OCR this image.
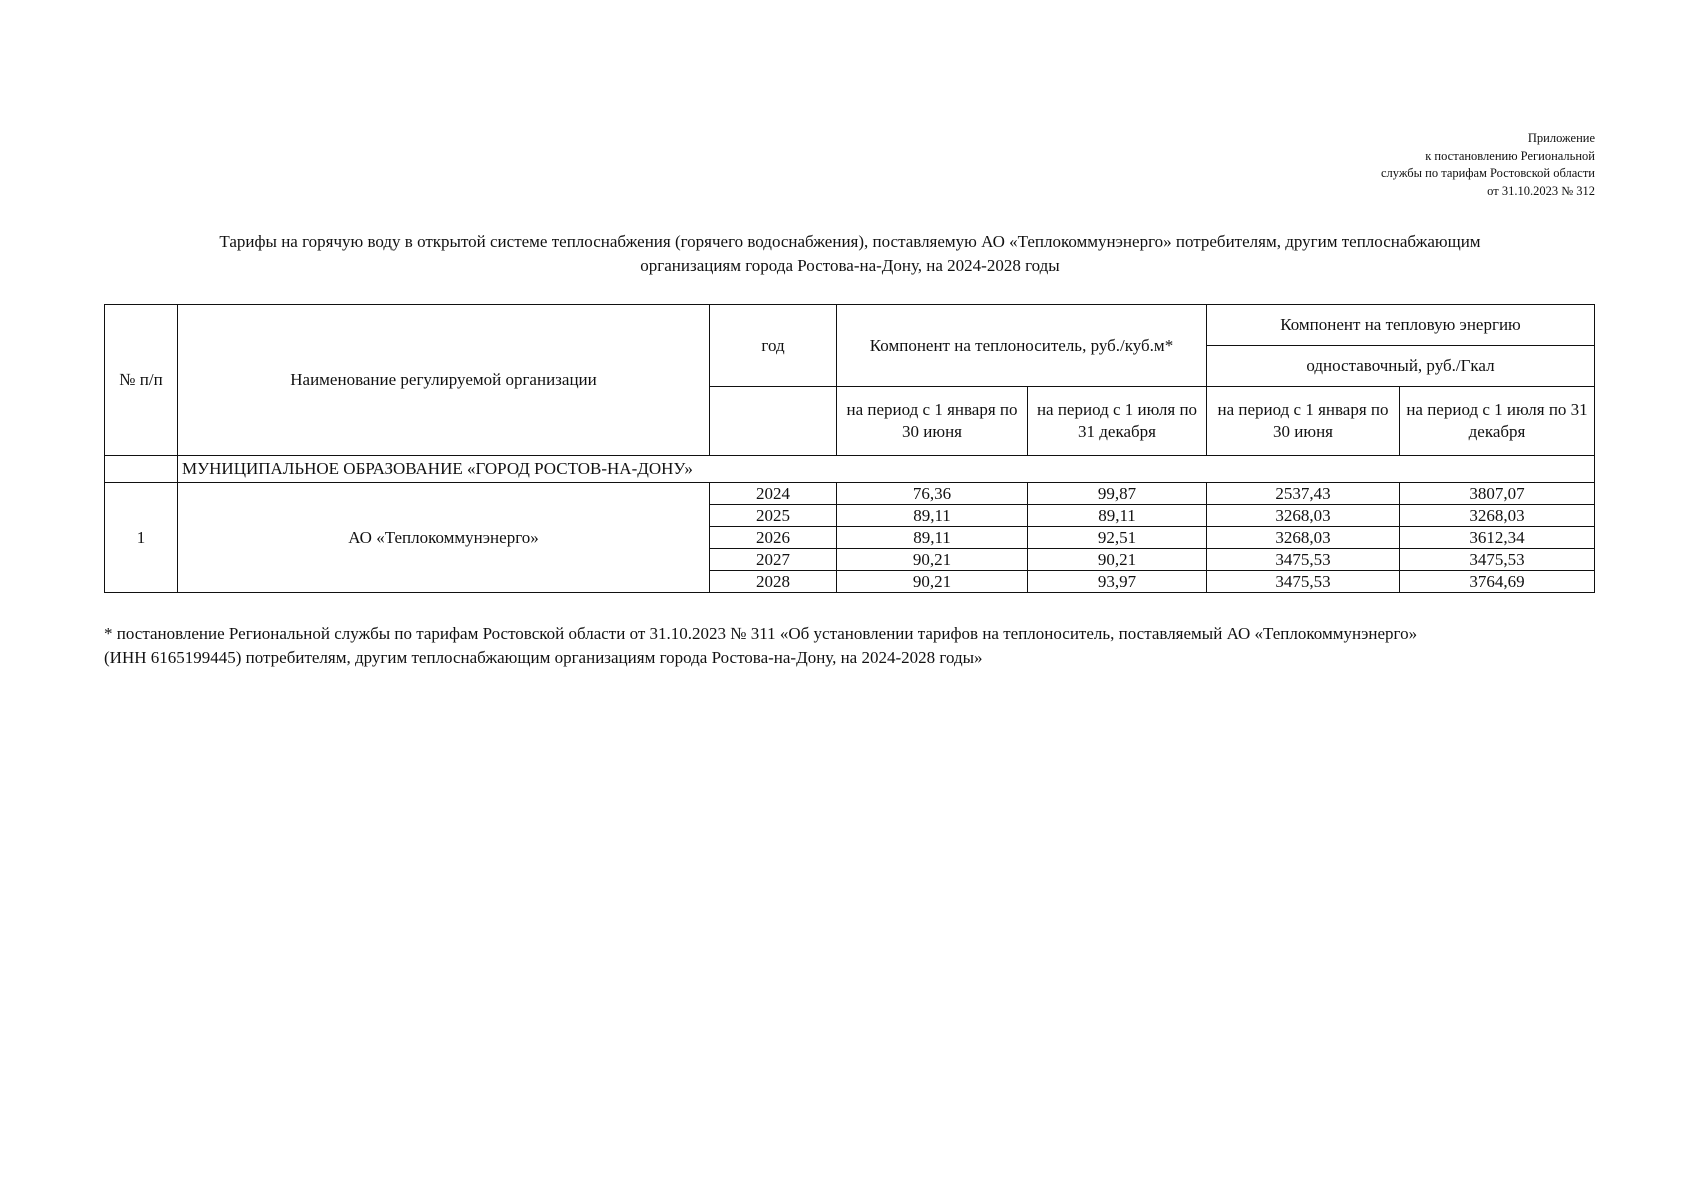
Приложение
к постановлению Региональной
службы по тарифам Ростовской области
от 31.10.2023 № 312
Тарифы на горячую воду в открытой системе теплоснабжения (горячего водоснабжения), поставляемую АО «Теплокоммунэнерго» потребителям, другим теплоснабжающим
организациям города Ростова-на-Дону, на 2024-2028 годы
№ п/п	Наименование регулируемой организации	год	Компонент на теплоноситель, руб./куб.м*		Компонент на тепловую энергию	
					одноставочный, руб./Гкал	
			на период с 1 января по 30 июня	на период с 1 июля по 31 декабря	на период с 1 января по 30 июня	на период с 1 июля по 31 декабря
	МУНИЦИПАЛЬНОЕ ОБРАЗОВАНИЕ «ГОРОД РОСТОВ-НА-ДОНУ»					
1	АО «Теплокоммунэнерго»	2024	76,36	99,87	2537,43	3807,07
		2025	89,11	89,11	3268,03	3268,03
		2026	89,11	92,51	3268,03	3612,34
		2027	90,21	90,21	3475,53	3475,53
		2028	90,21	93,97	3475,53	3764,69
* постановление Региональной службы по тарифам Ростовской области от 31.10.2023 № 311 «Об установлении тарифов на теплоноситель, поставляемый АО «Теплокоммунэнерго»
(ИНН 6165199445) потребителям, другим теплоснабжающим организациям города Ростова-на-Дону, на 2024-2028 годы»
